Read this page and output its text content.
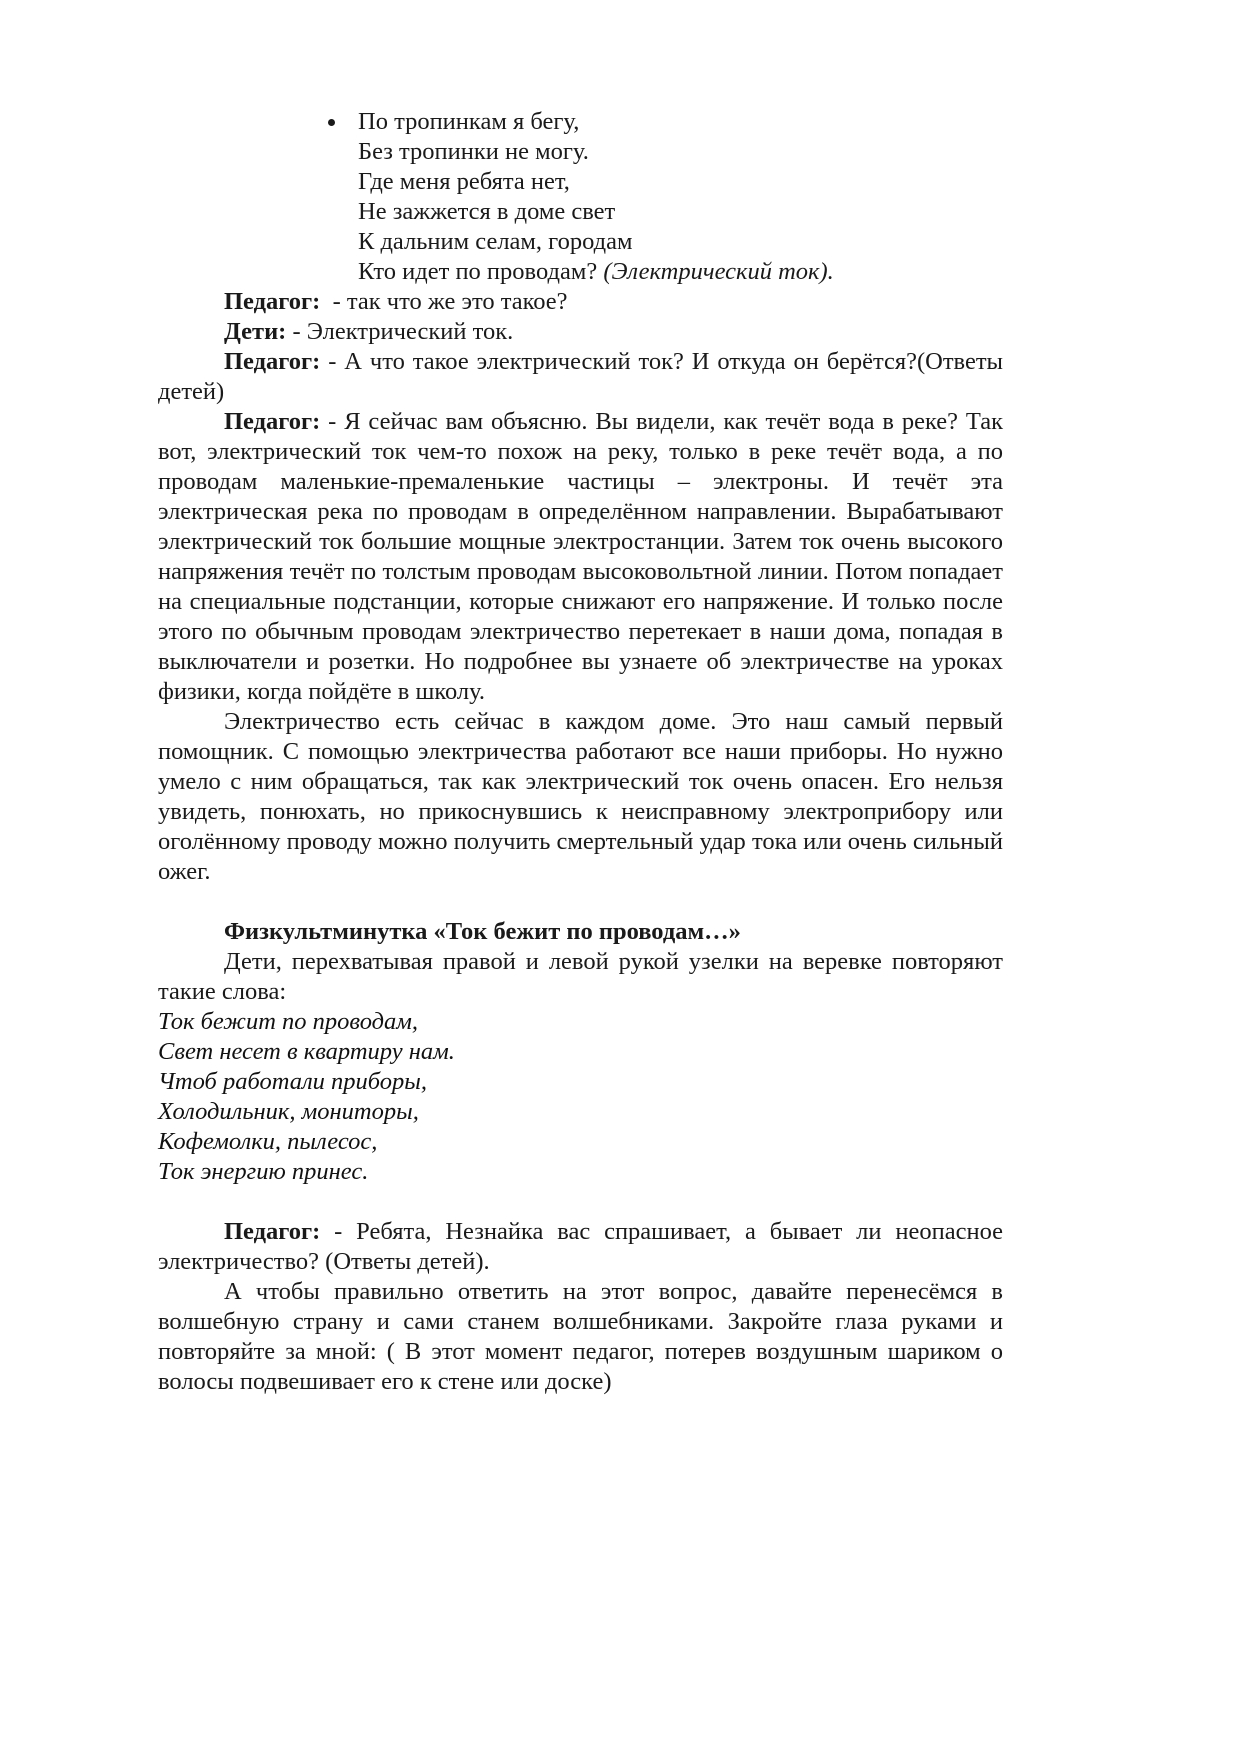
По тропинкам я бегу,
Без тропинки не могу.
Где меня ребята нет,
Не зажжется в доме свет
К дальним селам, городам
Кто идет по проводам? (Электрический ток).

Педагог:  - так что же это такое?

Дети: - Электрический ток.

Педагог: - А что такое электрический ток? И откуда он берётся?(Ответы детей)

Педагог: - Я сейчас вам объясню. Вы видели, как течёт вода в реке? Так вот, электрический ток чем-то похож на реку, только в реке течёт вода, а по проводам маленькие-премаленькие частицы – электроны. И течёт эта электрическая река по проводам в определённом направлении. Вырабатывают электрический ток большие мощные электростанции. Затем ток очень высокого напряжения течёт по толстым проводам высоковольтной линии. Потом попадает на специальные подстанции, которые снижают его напряжение. И только после этого по обычным проводам электричество перетекает в наши дома, попадая в выключатели и розетки. Но подробнее вы узнаете об электричестве на уроках физики, когда пойдёте в школу.

Электричество есть сейчас в каждом доме. Это наш самый первый помощник. С помощью электричества работают все наши приборы. Но нужно умело с ним обращаться, так как электрический ток очень опасен. Его нельзя увидеть, понюхать, но прикоснувшись к неисправному электроприбору или оголённому проводу можно получить смертельный удар тока или очень сильный ожег.

Физкультминутка «Ток бежит по проводам…»

Дети, перехватывая правой и левой рукой узелки на веревке повторяют такие слова:

Ток бежит по проводам,
Свет несет в квартиру нам.
Чтоб работали приборы,
Холодильник, мониторы,
Кофемолки, пылесос,
Ток энергию принес.

Педагог: - Ребята, Незнайка вас спрашивает, а бывает ли неопасное электричество? (Ответы детей).

А чтобы правильно ответить на этот вопрос, давайте перенесёмся в волшебную страну и сами станем волшебниками. Закройте глаза руками и повторяйте за мной: ( В этот момент педагог, потерев воздушным шариком о волосы подвешивает его к стене или доске)
